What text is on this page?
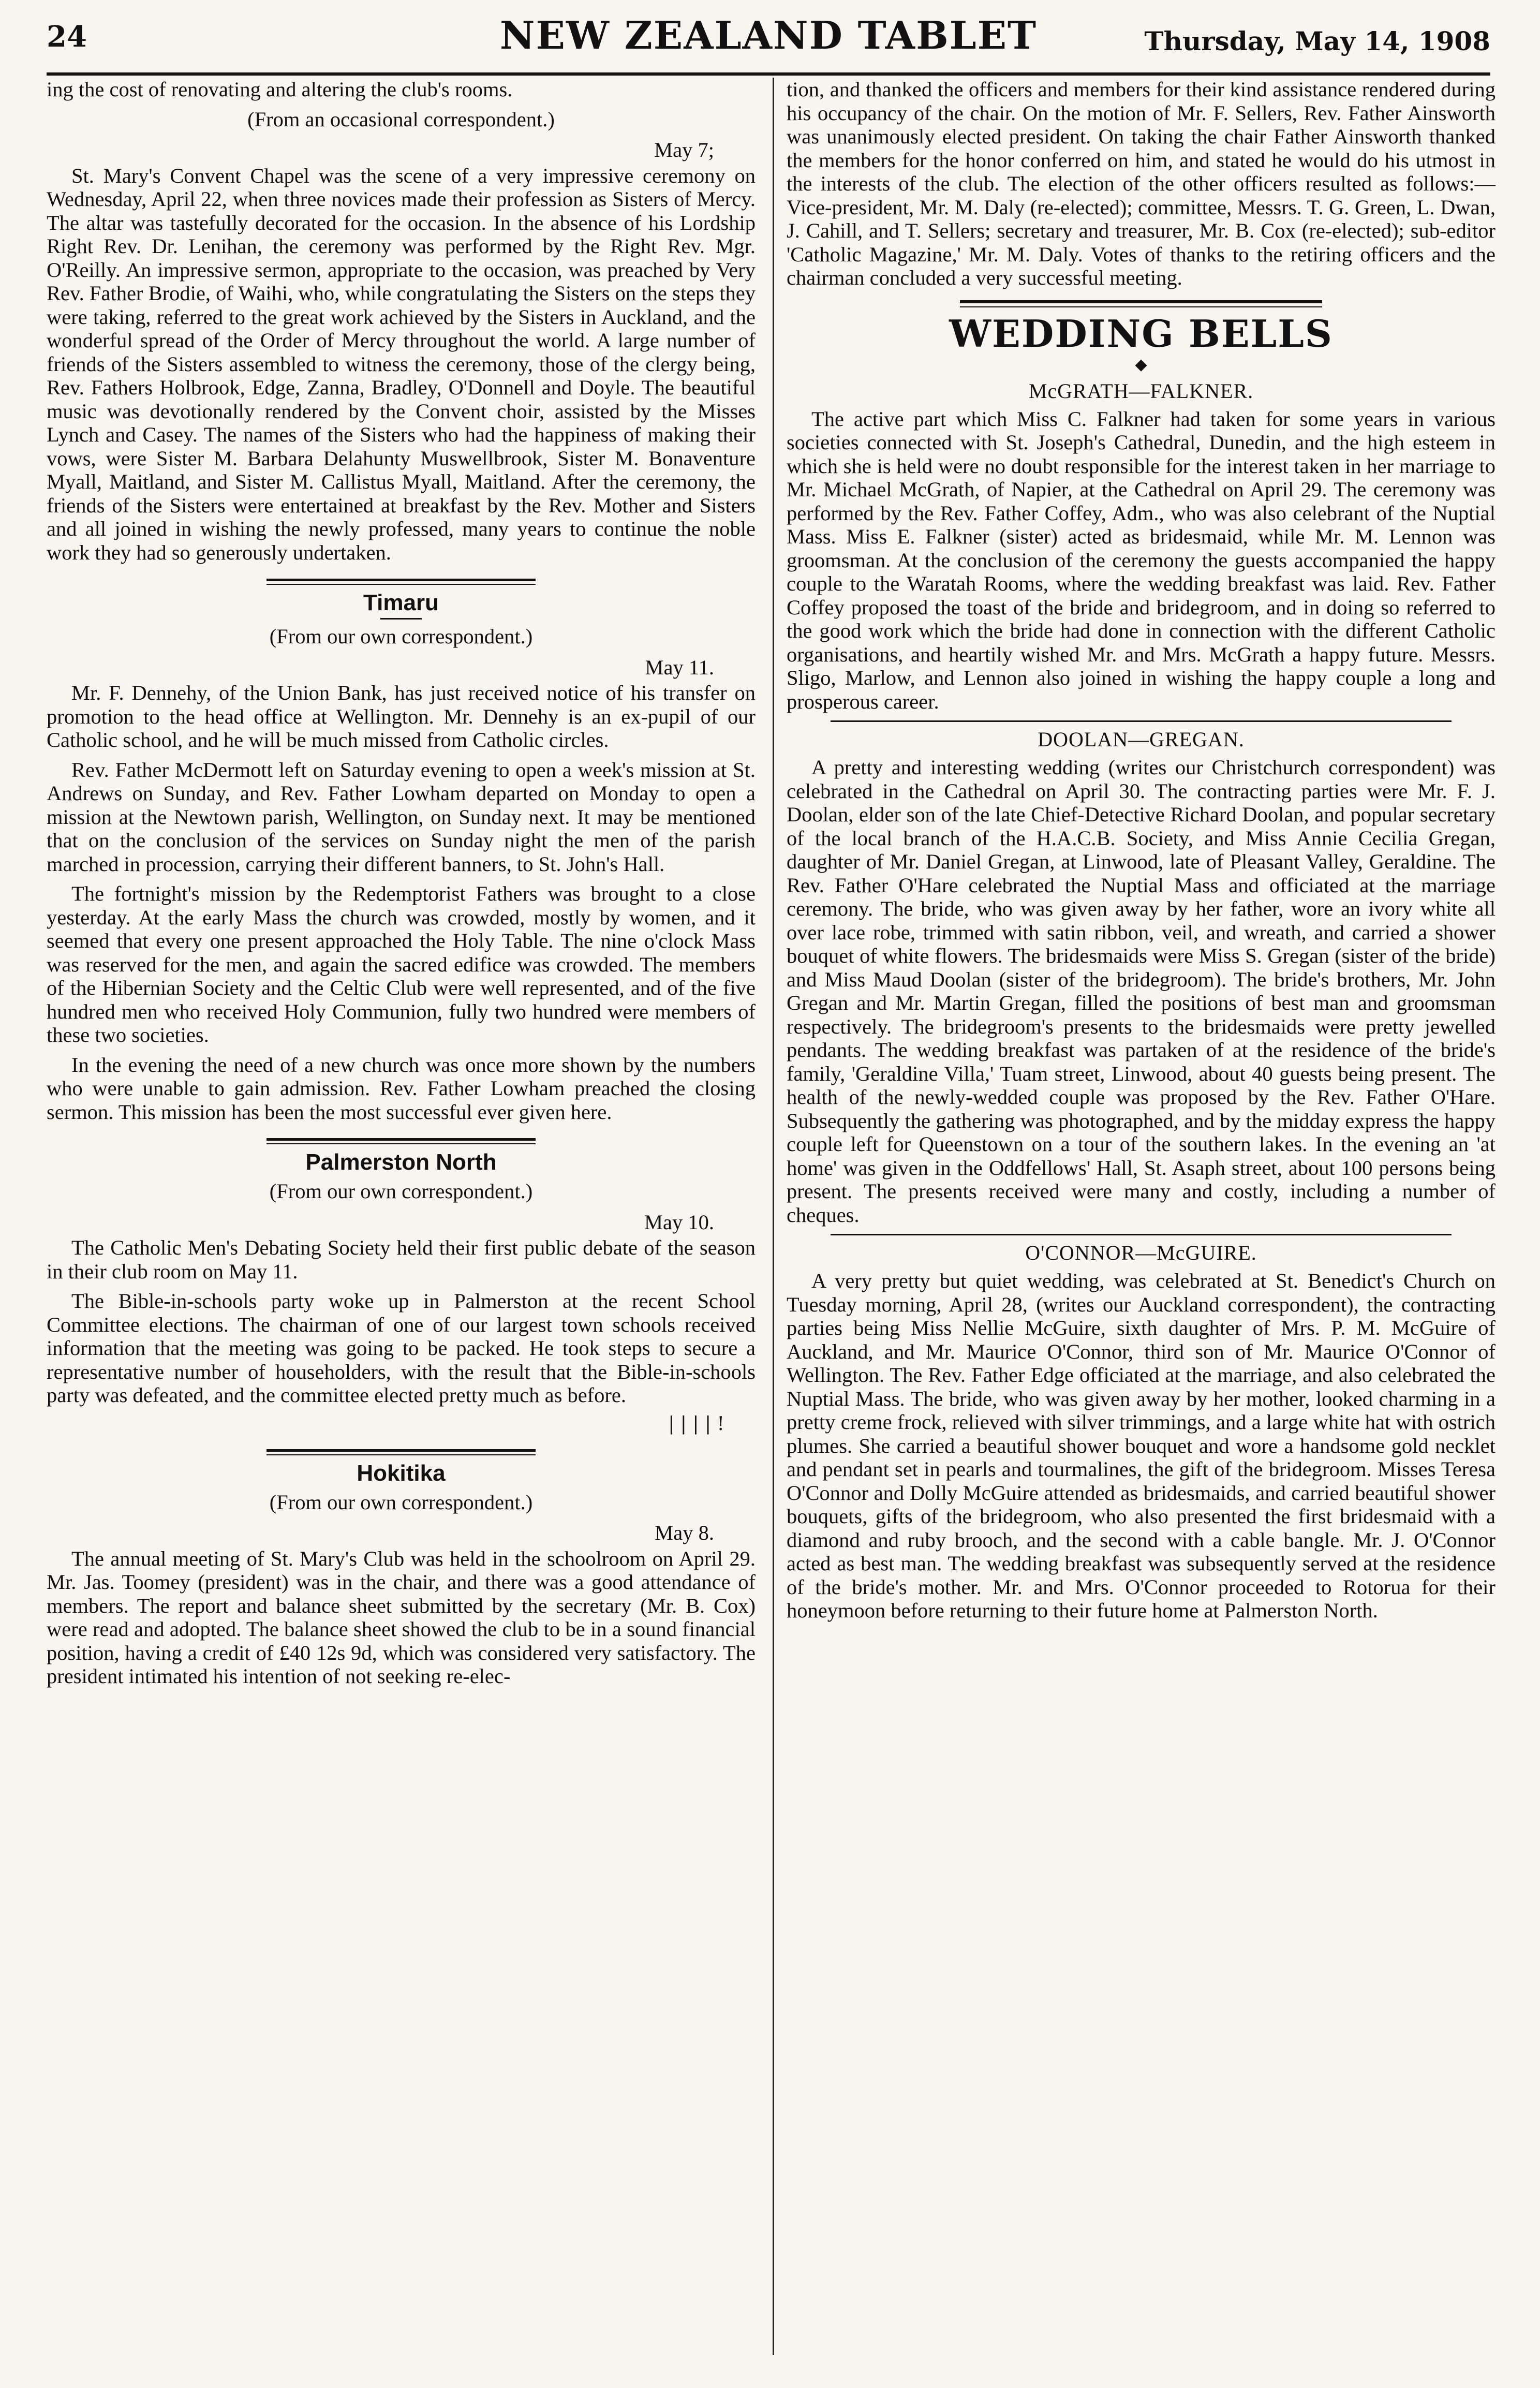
24	NEW ZEALAND TABLET	Thursday, May 14, 1908

ing the cost of renovating and altering the club's rooms.

(From an occasional correspondent.)

May 7;

St. Mary's Convent Chapel was the scene of a very impressive ceremony on Wednesday, April 22, when three novices made their profession as Sisters of Mercy. The altar was tastefully decorated for the occasion. In the absence of his Lordship Right Rev. Dr. Lenihan, the ceremony was performed by the Right Rev. Mgr. O'Reilly. An impressive sermon, appropriate to the occasion, was preached by Very Rev. Father Brodie, of Waihi, who, while congratulating the Sisters on the steps they were taking, referred to the great work achieved by the Sisters in Auckland, and the wonderful spread of the Order of Mercy throughout the world. A large number of friends of the Sisters assembled to witness the ceremony, those of the clergy being, Rev. Fathers Holbrook, Edge, Zanna, Bradley, O'Donnell and Doyle. The beautiful music was devotionally rendered by the Convent choir, assisted by the Misses Lynch and Casey. The names of the Sisters who had the happiness of making their vows, were Sister M. Barbara Delahunty Muswellbrook, Sister M. Bonaventure Myall, Maitland, and Sister M. Callistus Myall, Maitland. After the ceremony, the friends of the Sisters were entertained at breakfast by the Rev. Mother and Sisters and all joined in wishing the newly professed, many years to continue the noble work they had so generously undertaken.

Timaru

(From our own correspondent.)

May 11.

Mr. F. Dennehy, of the Union Bank, has just received notice of his transfer on promotion to the head office at Wellington. Mr. Dennehy is an ex-pupil of our Catholic school, and he will be much missed from Catholic circles.

Rev. Father McDermott left on Saturday evening to open a week's mission at St. Andrews on Sunday, and Rev. Father Lowham departed on Monday to open a mission at the Newtown parish, Wellington, on Sunday next. It may be mentioned that on the conclusion of the services on Sunday night the men of the parish marched in procession, carrying their different banners, to St. John's Hall.

The fortnight's mission by the Redemptorist Fathers was brought to a close yesterday. At the early Mass the church was crowded, mostly by women, and it seemed that every one present approached the Holy Table. The nine o'clock Mass was reserved for the men, and again the sacred edifice was crowded. The members of the Hibernian Society and the Celtic Club were well represented, and of the five hundred men who received Holy Communion, fully two hundred were members of these two societies.

In the evening the need of a new church was once more shown by the numbers who were unable to gain admission. Rev. Father Lowham preached the closing sermon. This mission has been the most successful ever given here.

Palmerston North

(From our own correspondent.)

May 10.

The Catholic Men's Debating Society held their first public debate of the season in their club room on May 11.

The Bible-in-schools party woke up in Palmerston at the recent School Committee elections. The chairman of one of our largest town schools received information that the meeting was going to be packed. He took steps to secure a representative number of householders, with the result that the Bible-in-schools party was defeated, and the committee elected pretty much as before.

| | | | !
Hokitika

(From our own correspondent.)

May 8.

The annual meeting of St. Mary's Club was held in the schoolroom on April 29. Mr. Jas. Toomey (president) was in the chair, and there was a good attendance of members. The report and balance sheet submitted by the secretary (Mr. B. Cox) were read and adopted. The balance sheet showed the club to be in a sound financial position, having a credit of £40 12s 9d, which was considered very satisfactory. The president intimated his intention of not seeking re-elec-

tion, and thanked the officers and members for their kind assistance rendered during his occupancy of the chair. On the motion of Mr. F. Sellers, Rev. Father Ainsworth was unanimously elected president. On taking the chair Father Ainsworth thanked the members for the honor conferred on him, and stated he would do his utmost in the interests of the club. The election of the other officers resulted as follows:— Vice-president, Mr. M. Daly (re-elected); committee, Messrs. T. G. Green, L. Dwan, J. Cahill, and T. Sellers; secretary and treasurer, Mr. B. Cox (re-elected); sub-editor 'Catholic Magazine,' Mr. M. Daly. Votes of thanks to the retiring officers and the chairman concluded a very successful meeting.

WEDDING BELLS
◆
McGRATH—FALKNER.

The active part which Miss C. Falkner had taken for some years in various societies connected with St. Joseph's Cathedral, Dunedin, and the high esteem in which she is held were no doubt responsible for the interest taken in her marriage to Mr. Michael McGrath, of Napier, at the Cathedral on April 29. The ceremony was performed by the Rev. Father Coffey, Adm., who was also celebrant of the Nuptial Mass. Miss E. Falkner (sister) acted as bridesmaid, while Mr. M. Lennon was groomsman. At the conclusion of the ceremony the guests accompanied the happy couple to the Waratah Rooms, where the wedding breakfast was laid. Rev. Father Coffey proposed the toast of the bride and bridegroom, and in doing so referred to the good work which the bride had done in connection with the different Catholic organisations, and heartily wished Mr. and Mrs. McGrath a happy future. Messrs. Sligo, Marlow, and Lennon also joined in wishing the happy couple a long and prosperous career.

DOOLAN—GREGAN.

A pretty and interesting wedding (writes our Christchurch correspondent) was celebrated in the Cathedral on April 30. The contracting parties were Mr. F. J. Doolan, elder son of the late Chief-Detective Richard Doolan, and popular secretary of the local branch of the H.A.C.B. Society, and Miss Annie Cecilia Gregan, daughter of Mr. Daniel Gregan, at Linwood, late of Pleasant Valley, Geraldine. The Rev. Father O'Hare celebrated the Nuptial Mass and officiated at the marriage ceremony. The bride, who was given away by her father, wore an ivory white all over lace robe, trimmed with satin ribbon, veil, and wreath, and carried a shower bouquet of white flowers. The bridesmaids were Miss S. Gregan (sister of the bride) and Miss Maud Doolan (sister of the bridegroom). The bride's brothers, Mr. John Gregan and Mr. Martin Gregan, filled the positions of best man and groomsman respectively. The bridegroom's presents to the bridesmaids were pretty jewelled pendants. The wedding breakfast was partaken of at the residence of the bride's family, 'Geraldine Villa,' Tuam street, Linwood, about 40 guests being present. The health of the newly-wedded couple was proposed by the Rev. Father O'Hare. Subsequently the gathering was photographed, and by the midday express the happy couple left for Queenstown on a tour of the southern lakes. In the evening an 'at home' was given in the Oddfellows' Hall, St. Asaph street, about 100 persons being present. The presents received were many and costly, including a number of cheques.

O'CONNOR—McGUIRE.

A very pretty but quiet wedding, was celebrated at St. Benedict's Church on Tuesday morning, April 28, (writes our Auckland correspondent), the contracting parties being Miss Nellie McGuire, sixth daughter of Mrs. P. M. McGuire of Auckland, and Mr. Maurice O'Connor, third son of Mr. Maurice O'Connor of Wellington. The Rev. Father Edge officiated at the marriage, and also celebrated the Nuptial Mass. The bride, who was given away by her mother, looked charming in a pretty creme frock, relieved with silver trimmings, and a large white hat with ostrich plumes. She carried a beautiful shower bouquet and wore a handsome gold necklet and pendant set in pearls and tourmalines, the gift of the bridegroom. Misses Teresa O'Connor and Dolly McGuire attended as bridesmaids, and carried beautiful shower bouquets, gifts of the bridegroom, who also presented the first bridesmaid with a diamond and ruby brooch, and the second with a cable bangle. Mr. J. O'Connor acted as best man. The wedding breakfast was subsequently served at the residence of the bride's mother. Mr. and Mrs. O'Connor proceeded to Rotorua for their honeymoon before returning to their future home at Palmerston North.
